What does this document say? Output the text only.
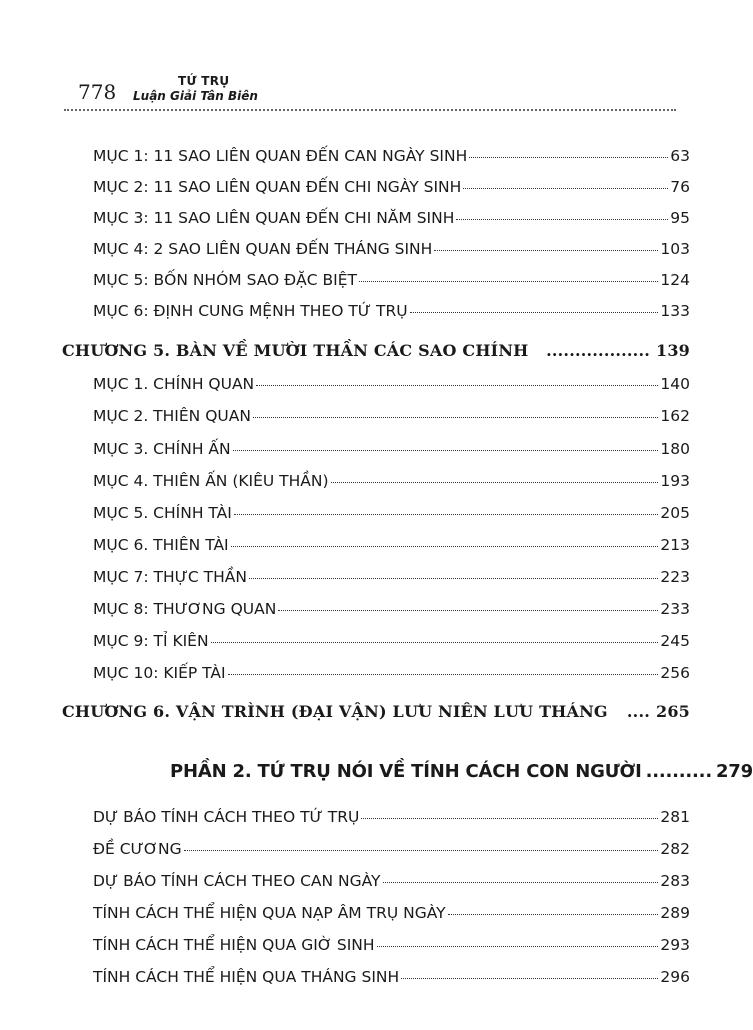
778	TỨ TRỤ
Luận Giải Tân Biên
MỤC 1: 11 SAO LIÊN QUAN ĐẾN CAN NGÀY SINH	63
MỤC 2: 11 SAO LIÊN QUAN ĐẾN CHI NGÀY SINH	76
MỤC 3: 11 SAO LIÊN QUAN ĐẾN CHI NĂM SINH	95
MỤC 4: 2 SAO LIÊN QUAN ĐẾN THÁNG SINH	103
MỤC 5: BỐN NHÓM SAO ĐẶC BIỆT	124
MỤC 6: ĐỊNH CUNG MỆNH THEO TỨ TRỤ	133
CHƯƠNG 5. BÀN VỀ MƯỜI THẦN CÁC SAO CHÍNH	.................. 139
MỤC 1. CHÍNH QUAN	140
MỤC 2. THIÊN QUAN	162
MỤC 3. CHÍNH ẤN	180
MỤC 4. THIÊN ẤN (KIÊU THẦN)	193
MỤC 5. CHÍNH TÀI	205
MỤC 6. THIÊN TÀI	213
MỤC 7: THỰC THẦN	223
MỤC 8: THƯƠNG QUAN	233
MỤC 9: TỈ KIÊN	245
MỤC 10: KIẾP TÀI	256
CHƯƠNG 6. VẬN TRÌNH (ĐẠI VẬN) LƯU NIÊN LƯU THÁNG	.... 265
PHẦN 2. TỨ TRỤ NÓI VỀ TÍNH CÁCH CON NGƯỜI .......... 279
DỰ BÁO TÍNH CÁCH THEO TỨ TRỤ	281
ĐỀ CƯƠNG	282
DỰ BÁO TÍNH CÁCH THEO CAN NGÀY	283
TÍNH CÁCH THỂ HIỆN QUA NẠP ÂM TRỤ NGÀY	289
TÍNH CÁCH THỂ HIỆN QUA GIỜ SINH	293
TÍNH CÁCH THỂ HIỆN QUA THÁNG SINH	296
